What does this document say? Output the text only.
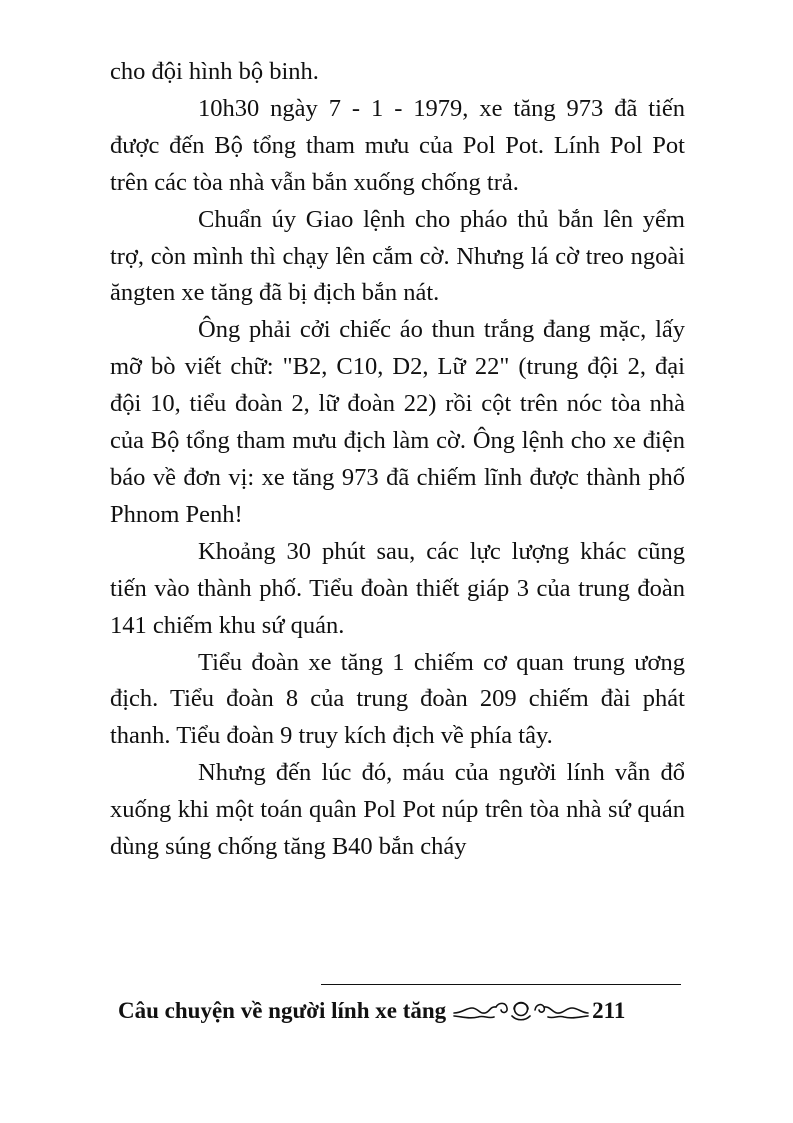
cho đội hình bộ binh.

10h30 ngày 7 - 1 - 1979, xe tăng 973 đã tiến được đến Bộ tổng tham mưu của Pol Pot. Lính Pol Pot trên các tòa nhà vẫn bắn xuống chống trả.

Chuẩn úy Giao lệnh cho pháo thủ bắn lên yểm trợ, còn mình thì chạy lên cắm cờ. Nhưng lá cờ treo ngoài ăngten xe tăng đã bị địch bắn nát.

Ông phải cởi chiếc áo thun trắng đang mặc, lấy mỡ bò viết chữ: "B2, C10, D2, Lữ 22" (trung đội 2, đại đội 10, tiểu đoàn 2, lữ đoàn 22) rồi cột trên nóc tòa nhà của Bộ tổng tham mưu địch làm cờ. Ông lệnh cho xe điện báo về đơn vị: xe tăng 973 đã chiếm lĩnh được thành phố Phnom Penh!

Khoảng 30 phút sau, các lực lượng khác cũng tiến vào thành phố. Tiểu đoàn thiết giáp 3 của trung đoàn 141 chiếm khu sứ quán.

Tiểu đoàn xe tăng 1 chiếm cơ quan trung ương địch. Tiểu đoàn 8 của trung đoàn 209 chiếm đài phát thanh. Tiểu đoàn 9 truy kích địch về phía tây.

Nhưng đến lúc đó, máu của người lính vẫn đổ xuống khi một toán quân Pol Pot núp trên tòa nhà sứ quán dùng súng chống tăng B40 bắn cháy

Câu chuyện về người lính xe tăng	211
